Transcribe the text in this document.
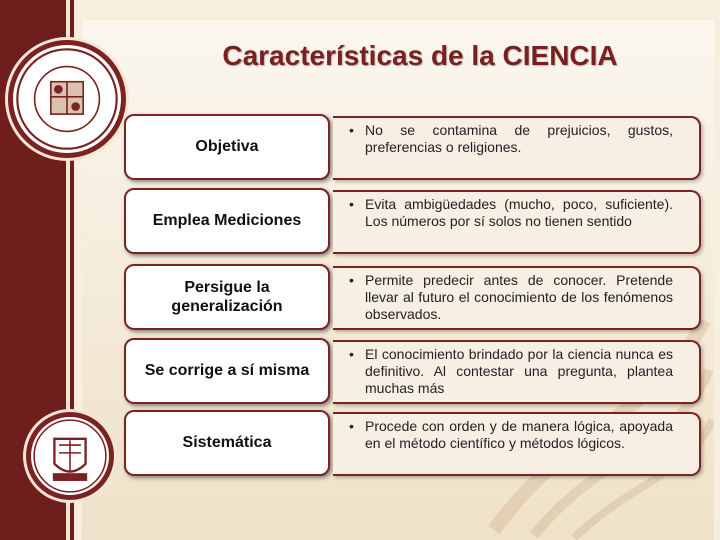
Características de la CIENCIA
Objetiva
• No se contamina de prejuicios, gustos, preferencias o religiones.
Emplea Mediciones
• Evita ambigüedades (mucho, poco, suficiente). Los números por sí solos no tienen sentido
Persigue la generalización
• Permite predecir antes de conocer. Pretende llevar al futuro el conocimiento de los fenómenos observados.
Se corrige a sí misma
• El conocimiento brindado por la ciencia nunca es definitivo. Al contestar una pregunta, plantea muchas más
Sistemática
• Procede con orden y de manera lógica, apoyada en el método científico y métodos lógicos.
